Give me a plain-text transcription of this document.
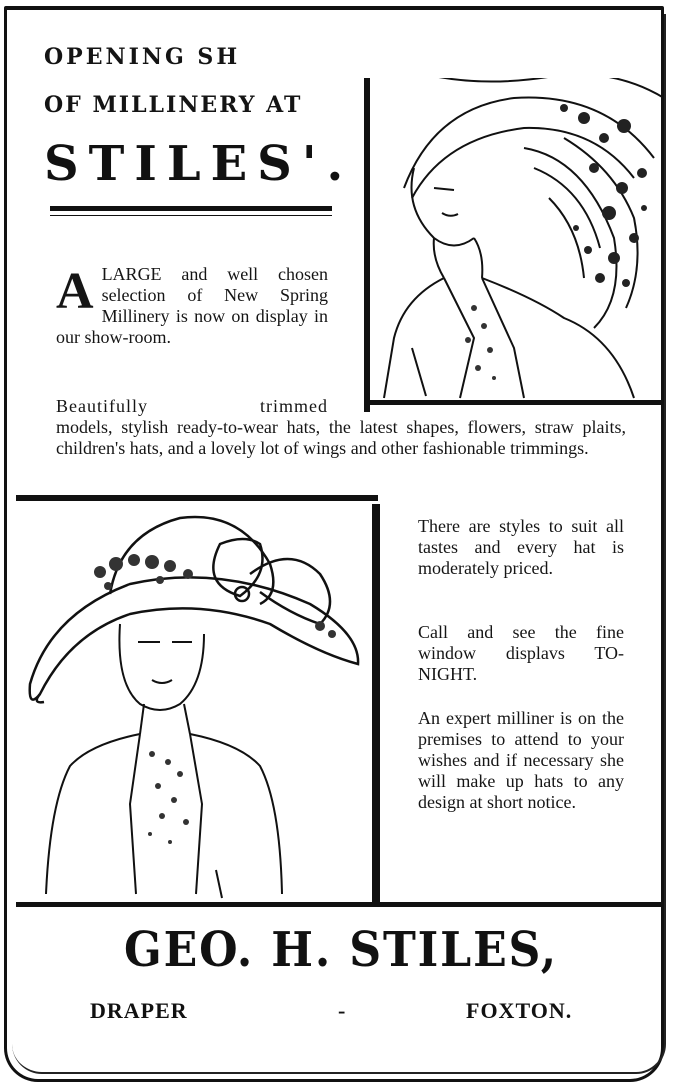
OPENING SH

OF MILLINERY AT

STILES'.

ALARGE and well chosen selection of New Spring Millinery is now on display in our show-room.

Beautifully trimmed

models, stylish ready-to-wear hats, the latest shapes, flowers, straw plaits, children's hats, and a lovely lot of wings and other fashionable trimmings.

There are styles to suit all tastes and every hat is moderately priced.

Call and see the fine window displavs TO-NIGHT.

An expert milliner is on the premises to attend to your wishes and if necessary she will make up hats to any design at short notice.

GEO. H. STILES,

DRAPER	-	FOXTON.
